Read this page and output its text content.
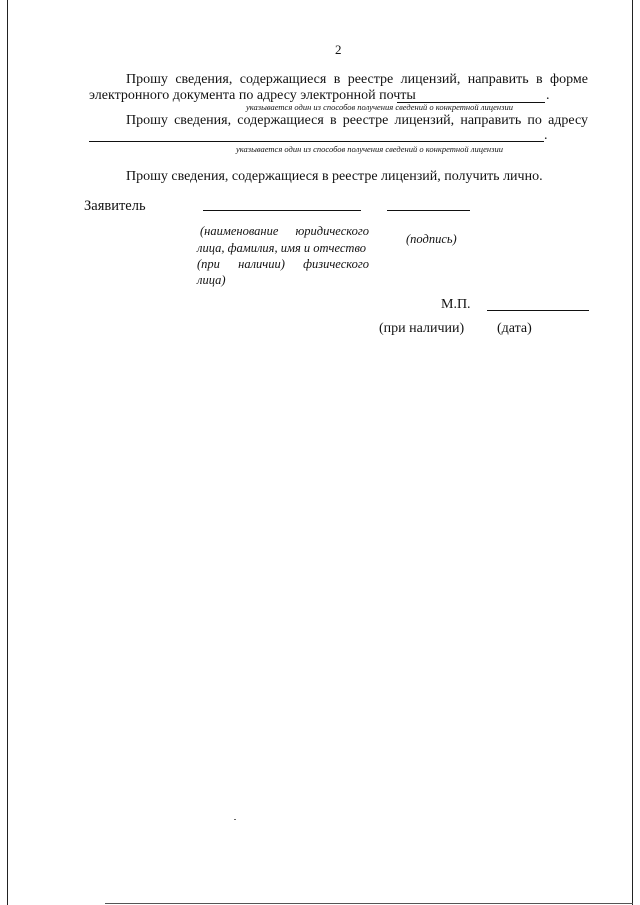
2
Прошу сведения, содержащиеся в реестре лицензий, направить в форме
электронного документа по адресу электронной почты	.
указывается один из способов получения сведений о конкретной лицензии
Прошу сведения, содержащиеся в реестре лицензий, направить по адресу
.
указывается один из способов получения сведений о конкретной лицензии
Прошу сведения, содержащиеся в реестре лицензий, получить лично.
Заявитель
(наименование юридического
лица, фамилия, имя и отчество
(при наличии) физического
лица)
(подпись)
М.П.
(при наличии) (дата)
